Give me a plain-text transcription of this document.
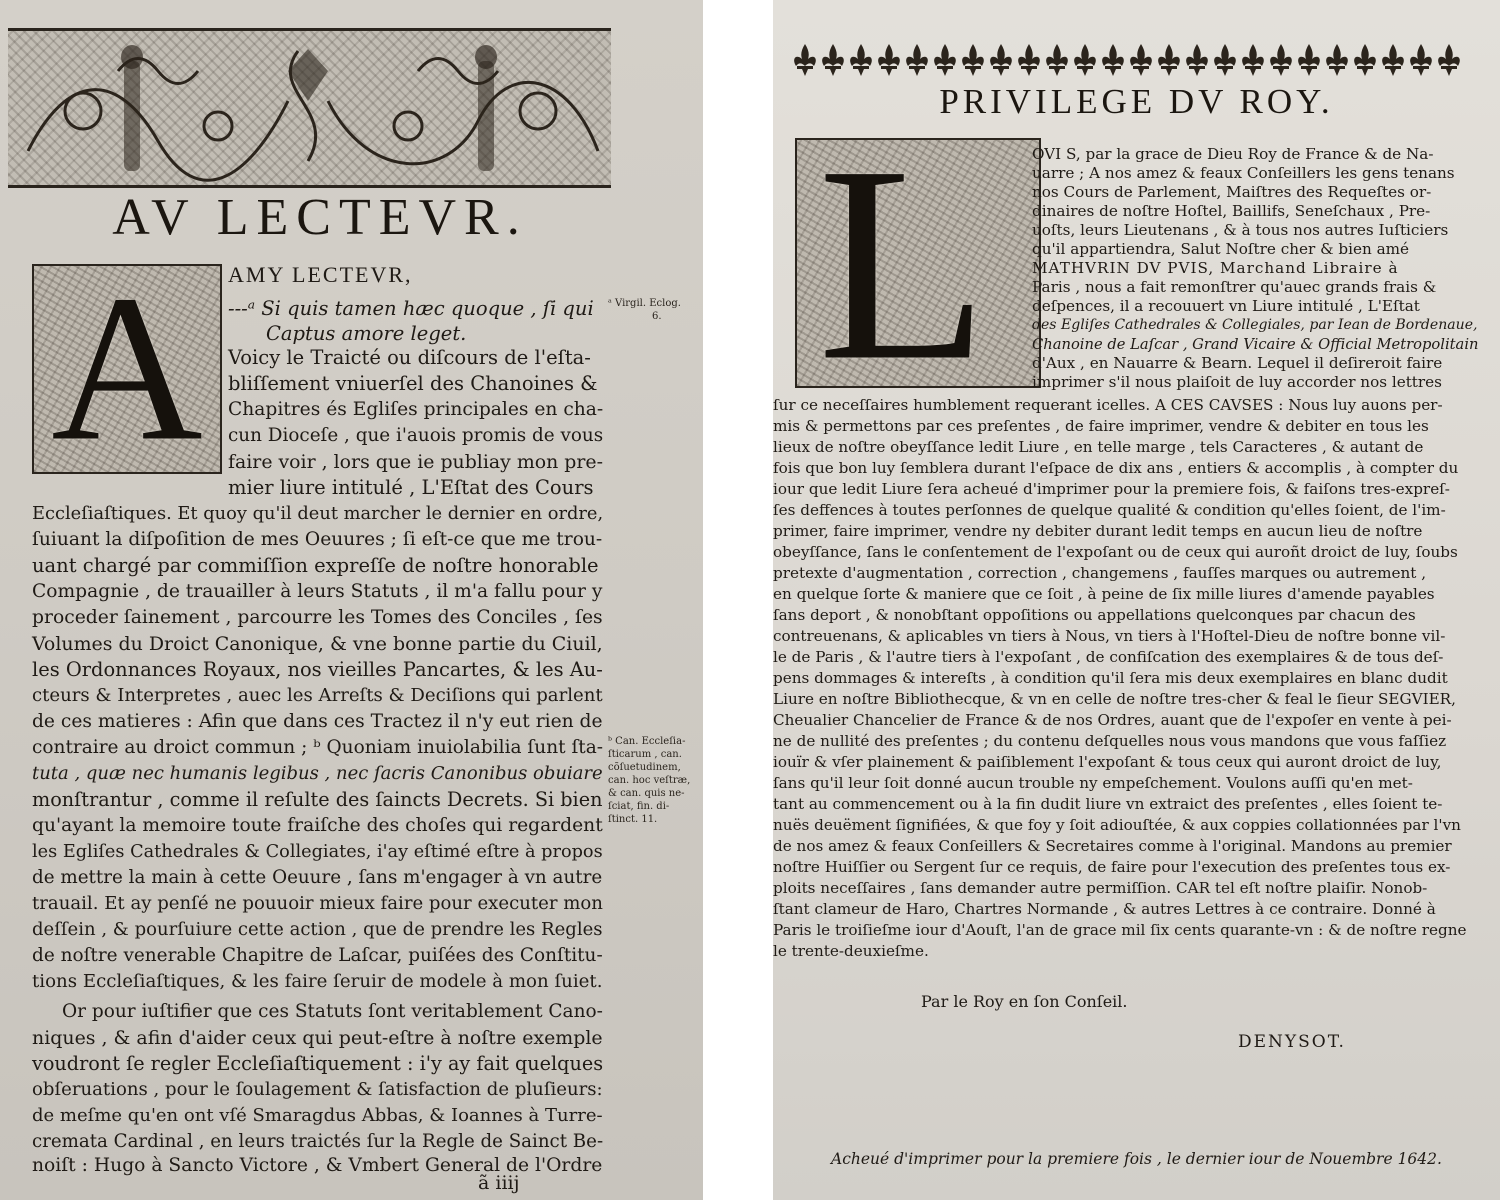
AV LECTEVR.
A	AMY LECTEVR,
---ᵃ Si quis tamen hæc quoque , ſi qui
Captus amore leget.
ᵃ Virgil. Eclog.
6.
Voicy le Traicté ou diſcours de l'eſta-
bliſſement vniuerſel des Chanoines &
Chapitres és Egliſes principales en cha-
cun Dioceſe , que i'auois promis de vous
faire voir , lors que ie publiay mon pre-
mier liure intitulé , L'Eſtat des Cours
Eccleſiaſtiques. Et quoy qu'il deut marcher le dernier en ordre,
ſuiuant la diſpoſition de mes Oeuures ; ſi eſt-ce que me trou-
uant chargé par commiſſion expreſſe de noſtre honorable
Compagnie , de trauailler à leurs Statuts , il m'a fallu pour y
proceder ſainement , parcourre les Tomes des Conciles , ſes
Volumes du Droict Canonique, & vne bonne partie du Ciuil,
les Ordonnances Royaux, nos vieilles Pancartes, & les Au-
cteurs & Interpretes , auec les Arreſts & Deciſions qui parlent
de ces matieres : Afin que dans ces Tractez il n'y eut rien de
contraire au droict commun ; ᵇ Quoniam inuiolabilia ſunt ſta-
tuta , quæ nec humanis legibus , nec ſacris Canonibus obuiare
monſtrantur , comme il reſulte des ſaincts Decrets. Si bien
qu'ayant la memoire toute fraiſche des choſes qui regardent
les Egliſes Cathedrales & Collegiates, i'ay eſtimé eſtre à propos
de mettre la main à cette Oeuure , ſans m'engager à vn autre
trauail. Et ay penſé ne pouuoir mieux faire pour executer mon
deſſein , & pourſuiure cette action , que de prendre les Regles
de noſtre venerable Chapitre de Laſcar, puiſées des Conſtitu-
tions Eccleſiaſtiques, & les faire ſeruir de modele à mon ſuiet.
Or pour iuſtifier que ces Statuts ſont veritablement Cano-
niques , & afin d'aider ceux qui peut-eſtre à noſtre exemple
voudront ſe regler Eccleſiaſtiquement : i'y ay fait quelques
obſeruations , pour le ſoulagement & ſatisfaction de pluſieurs:
de meſme qu'en ont vſé Smaragdus Abbas, & Ioannes à Turre-
cremata Cardinal , en leurs traictés ſur la Regle de Sainct Be-
noiſt : Hugo à Sancto Victore , & Vmbert General de l'Ordre
ᵇ Can. Eccleſia-
ſticarum , can.
cõſuetudinem,
can. hoc veſtræ,
& can. quis ne-
ſciat, fin. di-
ſtinct. 11.
ã iiij
PRIVILEGE DV ROY.
L	OVI S, par la grace de Dieu Roy de France & de Na-
uarre ; A nos amez & feaux Conſeillers les gens tenans
nos Cours de Parlement, Maiſtres des Requeſtes or-
dinaires de noſtre Hoſtel, Baillifs, Seneſchaux , Pre-
uoſts, leurs Lieutenans , & à tous nos autres Iuſticiers
qu'il appartiendra, Salut Noſtre cher & bien amé
MATHVRIN DV PVIS, Marchand Libraire à
Paris , nous a fait remonſtrer qu'auec grands frais &
deſpences, il a recouuert vn Liure intitulé , L'Eſtat
des Egliſes Cathedrales & Collegiales, par Iean de Bordenaue,
Chanoine de Laſcar , Grand Vicaire & Official Metropolitain
d'Aux , en Nauarre & Bearn. Lequel il deſireroit faire
imprimer s'il nous plaiſoit de luy accorder nos lettres
ſur ce neceſſaires humblement requerant icelles. A CES CAVSES : Nous luy auons per-
mis & permettons par ces preſentes , de faire imprimer, vendre & debiter en tous les
lieux de noſtre obeyſſance ledit Liure , en telle marge , tels Caracteres , & autant de
fois que bon luy ſemblera durant l'eſpace de dix ans , entiers & accomplis , à compter du
iour que ledit Liure ſera acheué d'imprimer pour la premiere fois, & faiſons tres-expreſ-
ſes deffences à toutes perſonnes de quelque qualité & condition qu'elles ſoient, de l'im-
primer, faire imprimer, vendre ny debiter durant ledit temps en aucun lieu de noſtre
obeyſſance, ſans le conſentement de l'expoſant ou de ceux qui auroñt droict de luy, ſoubs
pretexte d'augmentation , correction , changemens , fauſſes marques ou autrement ,
en quelque ſorte & maniere que ce ſoit , à peine de ſix mille liures d'amende payables
ſans deport , & nonobſtant oppoſitions ou appellations quelconques par chacun des
contreuenans, & aplicables vn tiers à Nous, vn tiers à l'Hoſtel-Dieu de noſtre bonne vil-
le de Paris , & l'autre tiers à l'expoſant , de confiſcation des exemplaires & de tous deſ-
pens dommages & intereſts , à condition qu'il ſera mis deux exemplaires en blanc dudit
Liure en noſtre Bibliothecque, & vn en celle de noſtre tres-cher & feal le ſieur SEGVIER,
Cheualier Chancelier de France & de nos Ordres, auant que de l'expoſer en vente à pei-
ne de nullité des preſentes ; du contenu deſquelles nous vous mandons que vous faſſiez
iouïr & vſer plainement & paiſiblement l'expoſant & tous ceux qui auront droict de luy,
ſans qu'il leur ſoit donné aucun trouble ny empeſchement. Voulons auſſi qu'en met-
tant au commencement ou à la fin dudit liure vn extraict des preſentes , elles ſoient te-
nuës deuëment ſignifiées, & que foy y ſoit adiouſtée, & aux coppies collationnées par l'vn
de nos amez & feaux Conſeillers & Secretaires comme à l'original. Mandons au premier
noſtre Huiſſier ou Sergent ſur ce requis, de faire pour l'execution des preſentes tous ex-
ploits neceſſaires , ſans demander autre permiſſion. CAR tel eſt noſtre plaiſir. Nonob-
ſtant clameur de Haro, Chartres Normande , & autres Lettres à ce contraire. Donné à
Paris le troiſieſme iour d'Aouſt, l'an de grace mil ſix cents quarante-vn : & de noſtre regne
le trente-deuxieſme.
Par le Roy en ſon Conſeil.
DENYSOT.
Acheué d'imprimer pour la premiere fois , le dernier iour de Nouembre 1642.
